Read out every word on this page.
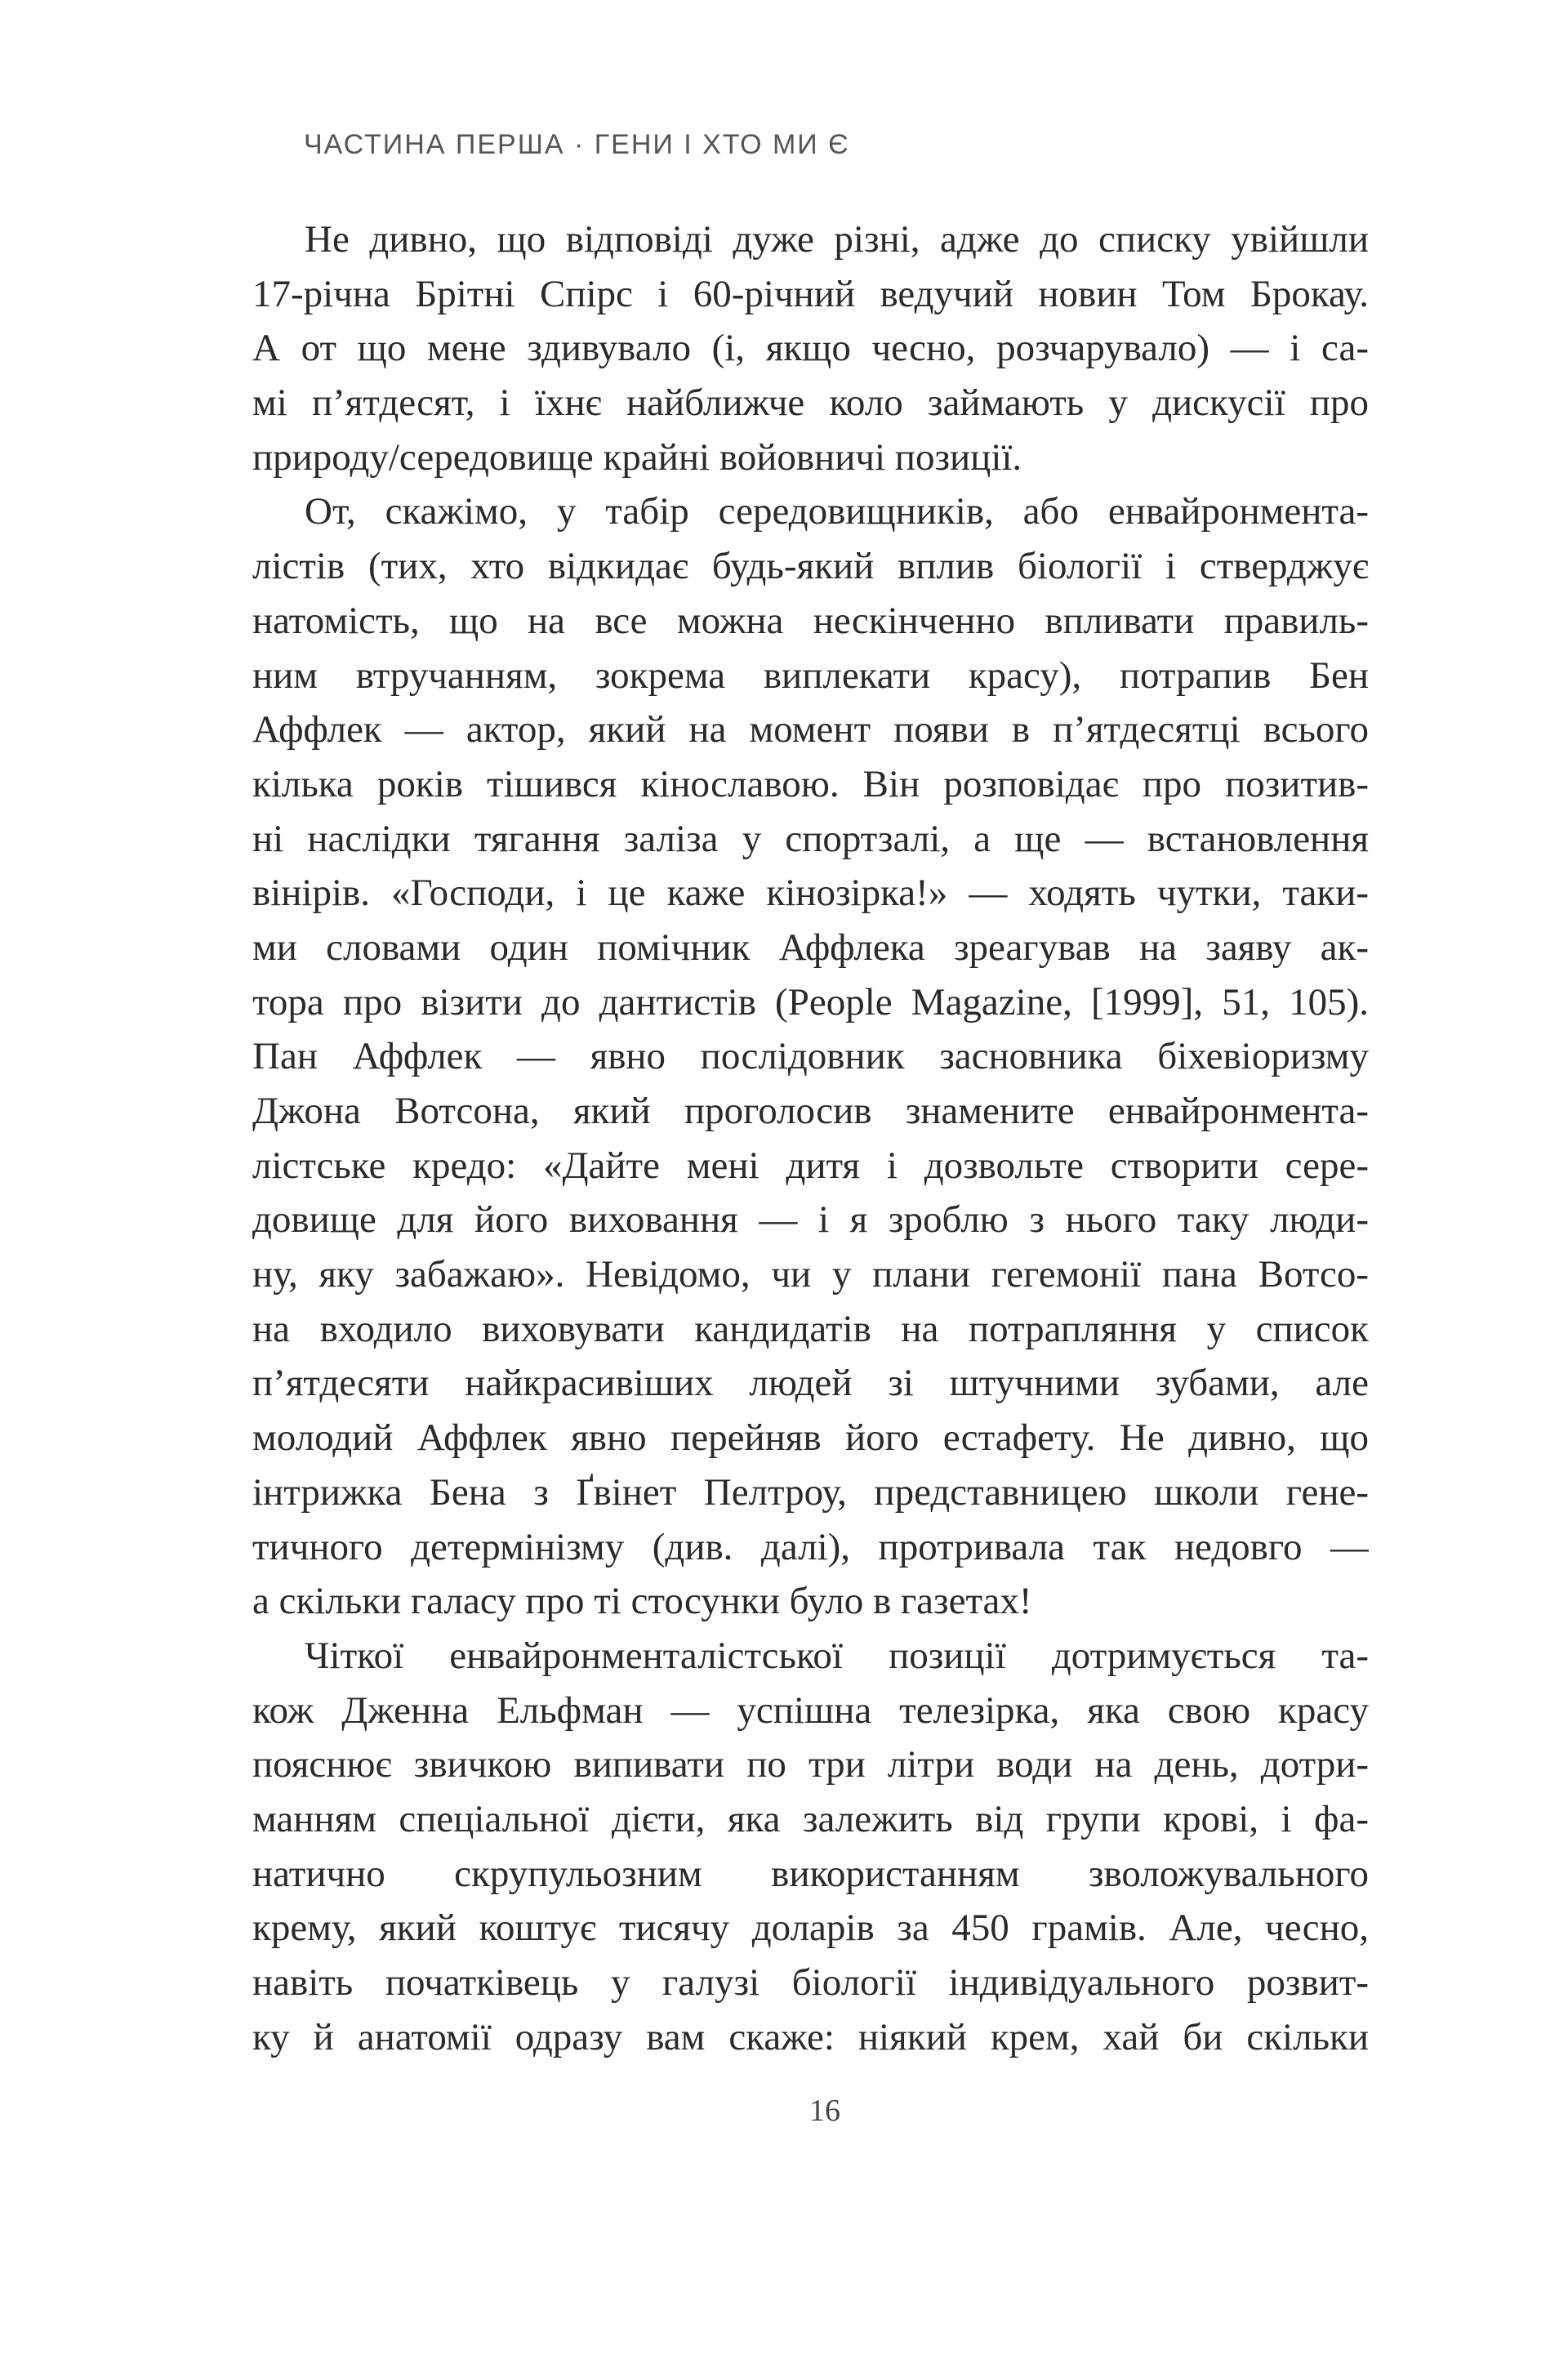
ЧАСТИНА ПЕРША · ГЕНИ І ХТО МИ Є
Не дивно, що відповіді дуже різні, адже до списку увійшли
17-річна Брітні Спірс і 60-річний ведучий новин Том Брокау.
А от що мене здивувало (і, якщо чесно, розчарувало) — і са-
мі п’ятдесят, і їхнє найближче коло займають у дискусії про
природу/середовище крайні войовничі позиції.
От, скажімо, у табір середовищників, або енвайронмента-
лістів (тих, хто відкидає будь-який вплив біології і стверджує
натомість, що на все можна нескінченно впливати правиль-
ним втручанням, зокрема виплекати красу), потрапив Бен
Аффлек — актор, який на момент появи в п’ятдесятці всього
кілька років тішився кінославою. Він розповідає про позитив-
ні наслідки тягання заліза у спортзалі, а ще — встановлення
вінірів. «Господи, і це каже кінозірка!» — ходять чутки, таки-
ми словами один помічник Аффлека зреагував на заяву ак-
тора про візити до дантистів (People Magazine, [1999], 51, 105).
Пан Аффлек — явно послідовник засновника біхевіоризму
Джона Вотсона, який проголосив знамените енвайронмента-
лістське кредо: «Дайте мені дитя і дозвольте створити сере-
довище для його виховання — і я зроблю з нього таку люди-
ну, яку забажаю». Невідомо, чи у плани гегемонії пана Вотсо-
на входило виховувати кандидатів на потрапляння у список
п’ятдесяти найкрасивіших людей зі штучними зубами, але
молодий Аффлек явно перейняв його естафету. Не дивно, що
інтрижка Бена з Ґвінет Пелтроу, представницею школи гене-
тичного детермінізму (див. далі), протривала так недовго —
а скільки галасу про ті стосунки було в газетах!
Чіткої енвайронменталістської позиції дотримується та-
кож Дженна Ельфман — успішна телезірка, яка свою красу
пояснює звичкою випивати по три літри води на день, дотри-
манням спеціальної дієти, яка залежить від групи крові, і фа-
натично скрупульозним використанням зволожувального
крему, який коштує тисячу доларів за 450 грамів. Але, чесно,
навіть початківець у галузі біології індивідуального розвит-
ку й анатомії одразу вам скаже: ніякий крем, хай би скільки
16
